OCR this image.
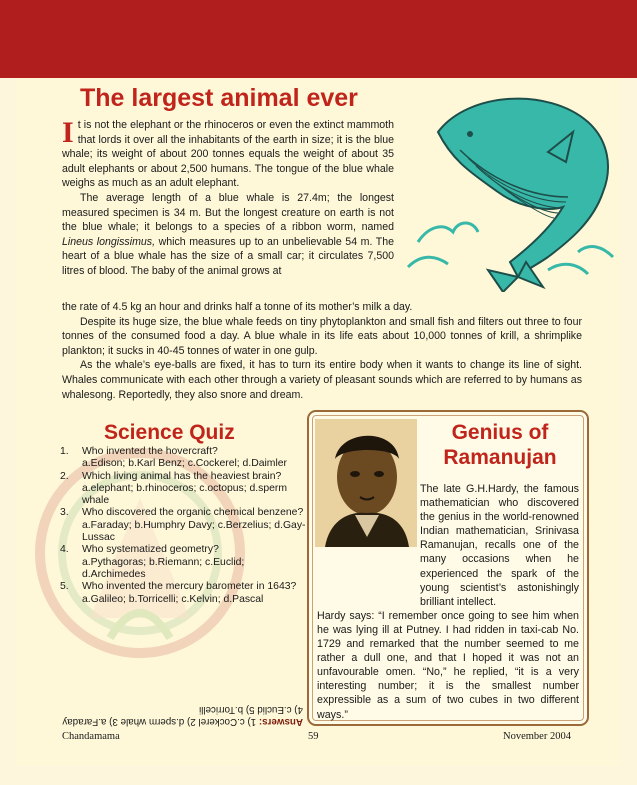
The largest animal ever

It is not the elephant or the rhinoceros or even the extinct mammoth that lords it over all the inhabitants of the earth in size; it is the blue whale; its weight of about 200 tonnes equals the weight of about 35 adult elephants or about 2,500 humans. The tongue of the blue whale weighs as much as an adult elephant.

The average length of a blue whale is 27.4m; the longest measured specimen is 34 m. But the longest creature on earth is not the blue whale; it belongs to a species of a ribbon worm, named Lineus longissimus, which measures up to an unbelievable 54 m. The heart of a blue whale has the size of a small car; it circulates 7,500 litres of blood. The baby of the animal grows at

the rate of 4.5 kg an hour and drinks half a tonne of its mother’s milk a day.

Despite its huge size, the blue whale feeds on tiny phytoplankton and small fish and filters out three to four tonnes of the consumed food a day. A blue whale in its life eats about 10,000 tonnes of krill, a shrimplike plankton; it sucks in 40-45 tonnes of water in one gulp.

As the whale’s eye-balls are fixed, it has to turn its entire body when it wants to change its line of sight. Whales communicate with each other through a variety of pleasant sounds which are referred to by humans as whalesong. Reportedly, they also snore and dream.

Science Quiz
1.	Who invented the hovercraft?
a.Edison; b.Karl Benz; c.Cockerel; d.Daimler
2.	Which living animal has the heaviest brain?
a.elephant; b.rhinoceros; c.octopus; d.sperm whale
3.	Who discovered the organic chemical benzene?
a.Faraday; b.Humphry Davy; c.Berzelius; d.Gay-Lussac
4.	Who systematized geometry?
a.Pythagoras; b.Riemann; c.Euclid; d.Archimedes
5.	Who invented the mercury barometer in 1643?
a.Galileo; b.Torricelli; c.Kelvin; d.Pascal
Answers: 1) c.Cockerel 2) d.sperm whale 3) a.Faraday 4) c.Euclid 5) b.Torricelli
Genius of Ramanujan

The late G.H.Hardy, the famous mathematician who discovered the genius in the world-renowned Indian mathematician, Srinivasa Ramanujan, recalls one of the many occasions when he experienced the spark of the young scientist’s astonishingly brilliant intellect.

Hardy says: “I remember once going to see him when he was lying ill at Putney. I had ridden in taxi-cab No. 1729 and remarked that the number seemed to me rather a dull one, and that I hoped it was not an unfavourable omen. “No,” he replied, “it is a very interesting number; it is the smallest number expressible as a sum of two cubes in two different ways.”

Chandamama	59	November 2004
